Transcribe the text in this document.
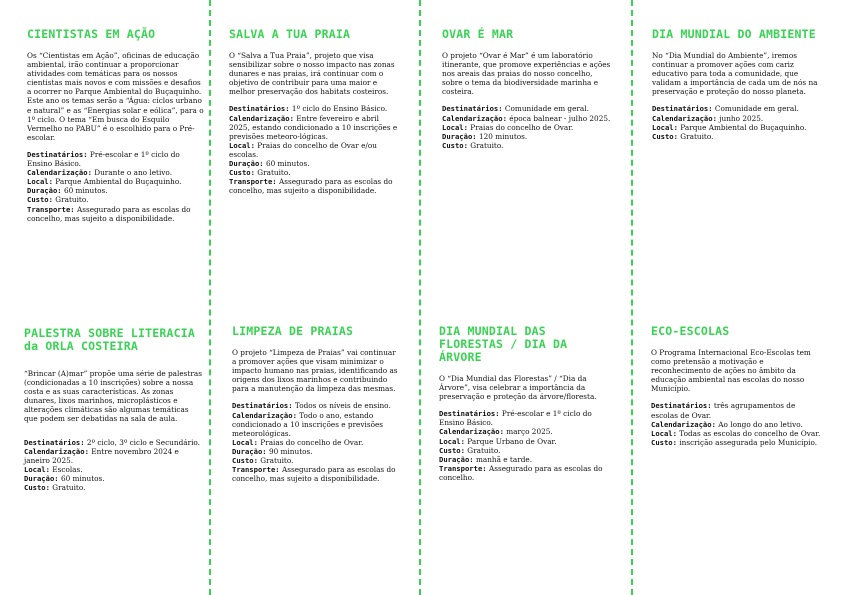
CIENTISTAS EM AÇÃO

Os “Cientistas em Ação”, oficinas de educação ambiental, irão continuar a proporcionar atividades com temáticas para os nossos cientistas mais novos e com missões e desafios a ocorrer no Parque Ambiental do Buçaquinho. Este ano os temas serão a “Água: ciclos urbano e natural” e as “Energias solar e eólica”, para o 1º ciclo. O tema “Em busca do Esquilo Vermelho no PABU” é o escolhido para o Pré-escolar.

Destinatários: Pré-escolar e 1º ciclo do Ensino Básico.
Calendarização: Durante o ano letivo.
Local: Parque Ambiental do Buçaquinho.
Duração: 60 minutos.
Custo: Gratuito.
Transporte: Assegurado para as escolas do concelho, mas sujeito a disponibilidade.
SALVA A TUA PRAIA

O “Salva a Tua Praia”, projeto que visa sensibilizar sobre o nosso impacto nas zonas dunares e nas praias, irá continuar com o objetivo de contribuir para uma maior e melhor preservação dos habitats costeiros.

Destinatários: 1º ciclo do Ensino Básico.
Calendarização: Entre fevereiro e abril 2025, estando condicionado a 10 inscrições e previsões meteoro-lógicas.
Local: Praias do concelho de Ovar e/ou escolas.
Duração: 60 minutos.
Custo: Gratuito.
Transporte: Assegurado para as escolas do concelho, mas sujeito a disponibilidade.
OVAR É MAR

O projeto “Ovar é Mar” é um laboratório itinerante, que promove experiências e ações nos areais das praias do nosso concelho, sobre o tema da biodiversidade marinha e costeira.

Destinatários: Comunidade em geral.
Calendarização: época balnear - julho 2025.
Local: Praias do concelho de Ovar.
Duração: 120 minutos.
Custo: Gratuito.
DIA MUNDIAL DO AMBIENTE

No “Dia Mundial do Ambiente”, iremos continuar a promover ações com cariz educativo para toda a comunidade, que validam a importância de cada um de nós na preservação e proteção do nosso planeta.

Destinatários: Comunidade em geral.
Calendarização: junho 2025.
Local: Parque Ambiental do Buçaquinho.
Custo: Gratuito.
PALESTRA SOBRE LITERACIA da ORLA COSTEIRA

“Brincar (A)mar” propõe uma série de palestras (condicionadas a 10 inscrições) sobre a nossa costa e as suas características. As zonas dunares, lixos marinhos, microplásticos e alterações climáticas são algumas temáticas que podem ser debatidas na sala de aula.

Destinatários: 2º ciclo, 3º ciclo e Secundário.
Calendarização: Entre novembro 2024 e janeiro 2025.
Local: Escolas.
Duração: 60 minutos.
Custo: Gratuito.
LIMPEZA DE PRAIAS

O projeto “Limpeza de Praias” vai continuar a promover ações que visam minimizar o impacto humano nas praias, identificando as origens dos lixos marinhos e contribuindo para a manutenção da limpeza das mesmas.

Destinatários: Todos os níveis de ensino.
Calendarização: Todo o ano, estando condicionado a 10 inscrições e previsões meteorológicas.
Local: Praias do concelho de Ovar.
Duração: 90 minutos.
Custo: Gratuito.
Transporte: Assegurado para as escolas do concelho, mas sujeito a disponibilidade.
DIA MUNDIAL DAS FLORESTAS / DIA DA ÁRVORE

O “Dia Mundial das Florestas” / “Dia da Árvore”, visa celebrar a importância da preservação e proteção da árvore/floresta.

Destinatários: Pré-escolar e 1º ciclo do Ensino Básico.
Calendarização: março 2025.
Local: Parque Urbano de Ovar.
Custo: Gratuito.
Duração: manhã e tarde.
Transporte: Assegurado para as escolas do concelho.
ECO-ESCOLAS

O Programa Internacional Eco-Escolas tem como pretensão a motivação e reconhecimento de ações no âmbito da educação ambiental nas escolas do nosso Município.

Destinatários: três agrupamentos de escolas de Ovar.
Calendarização: Ao longo do ano letivo.
Local: Todas as escolas do concelho de Ovar.
Custo: inscrição assegurada pelo Município.
